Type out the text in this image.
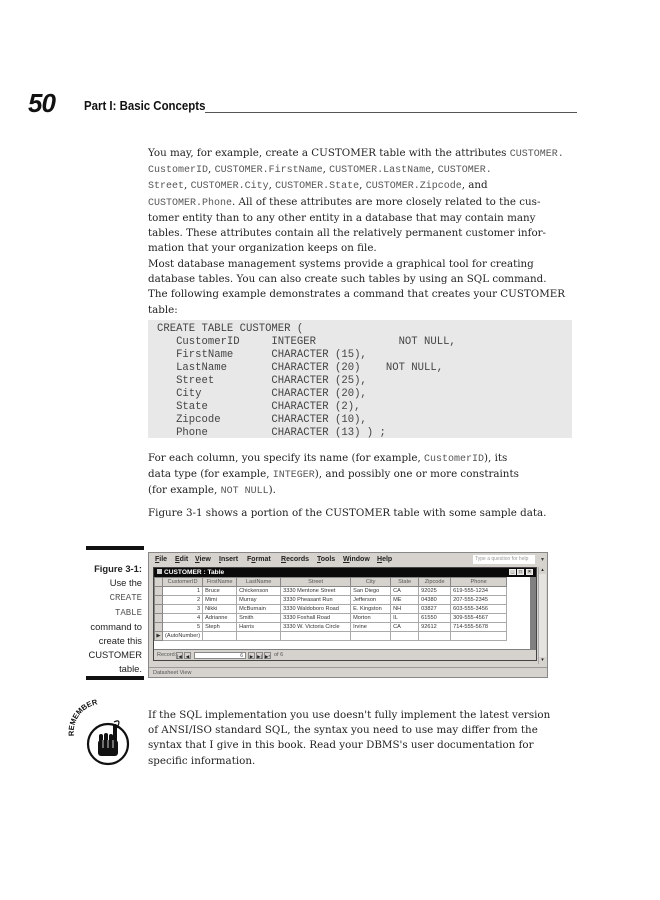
50 Part I: Basic Concepts
You may, for example, create a CUSTOMER table with the attributes CUSTOMER.
CustomerID, CUSTOMER.FirstName, CUSTOMER.LastName, CUSTOMER.
Street, CUSTOMER.City, CUSTOMER.State, CUSTOMER.Zipcode, and
CUSTOMER.Phone. All of these attributes are more closely related to the cus-
tomer entity than to any other entity in a database that may contain many
tables. These attributes contain all the relatively permanent customer infor-
mation that your organization keeps on file.
Most database management systems provide a graphical tool for creating
database tables. You can also create such tables by using an SQL command.
The following example demonstrates a command that creates your CUSTOMER
table:
CREATE TABLE CUSTOMER (
CustomerID     INTEGER             NOT NULL,
FirstName      CHARACTER (15),
LastName       CHARACTER (20)    NOT NULL,
Street         CHARACTER (25),
City           CHARACTER (20),
State          CHARACTER (2),
Zipcode        CHARACTER (10),
Phone          CHARACTER (13) ) ;
For each column, you specify its name (for example, CustomerID), its
data type (for example, INTEGER), and possibly one or more constraints
(for example, NOT NULL).
Figure 3-1 shows a portion of the CUSTOMER table with some sample data.
Figure 3-1:
Use the
CREATE
TABLE
command to
create this
CUSTOMER
table.
File Edit View Insert Format Records Tools Window Help	Type a question for help	▾
CUSTOMER : Table	_	□	×
	CustomerID	FirstName	LastName	Street	City	State	Zipcode	Phone
	1	Bruce	Chickenson	3330 Mentone Street	San Diego	CA	92025	619-555-1234
	2	Mimi	Murray	3330 Pheasant Run	Jefferson	ME	04380	207-555-2345
	3	Nikki	McBurnain	3330 Waldoboro Road	E. Kingston	NH	03827	603-555-3456
	4	Adrianne	Smith	3330 Foxhall Road	Morton	IL	61550	309-555-4567
	5	Steph	Harris	3330 W. Victoria Circle	Irvine	CA	92612	714-555-5678
▶	(AutoNumber)							
Record: |◀ ◀	6	▶ ▶| ▶* of 6
▴
▾
Datasheet View
REMEMBER
If the SQL implementation you use doesn't fully implement the latest version
of ANSI/ISO standard SQL, the syntax you need to use may differ from the
syntax that I give in this book. Read your DBMS's user documentation for
specific information.
